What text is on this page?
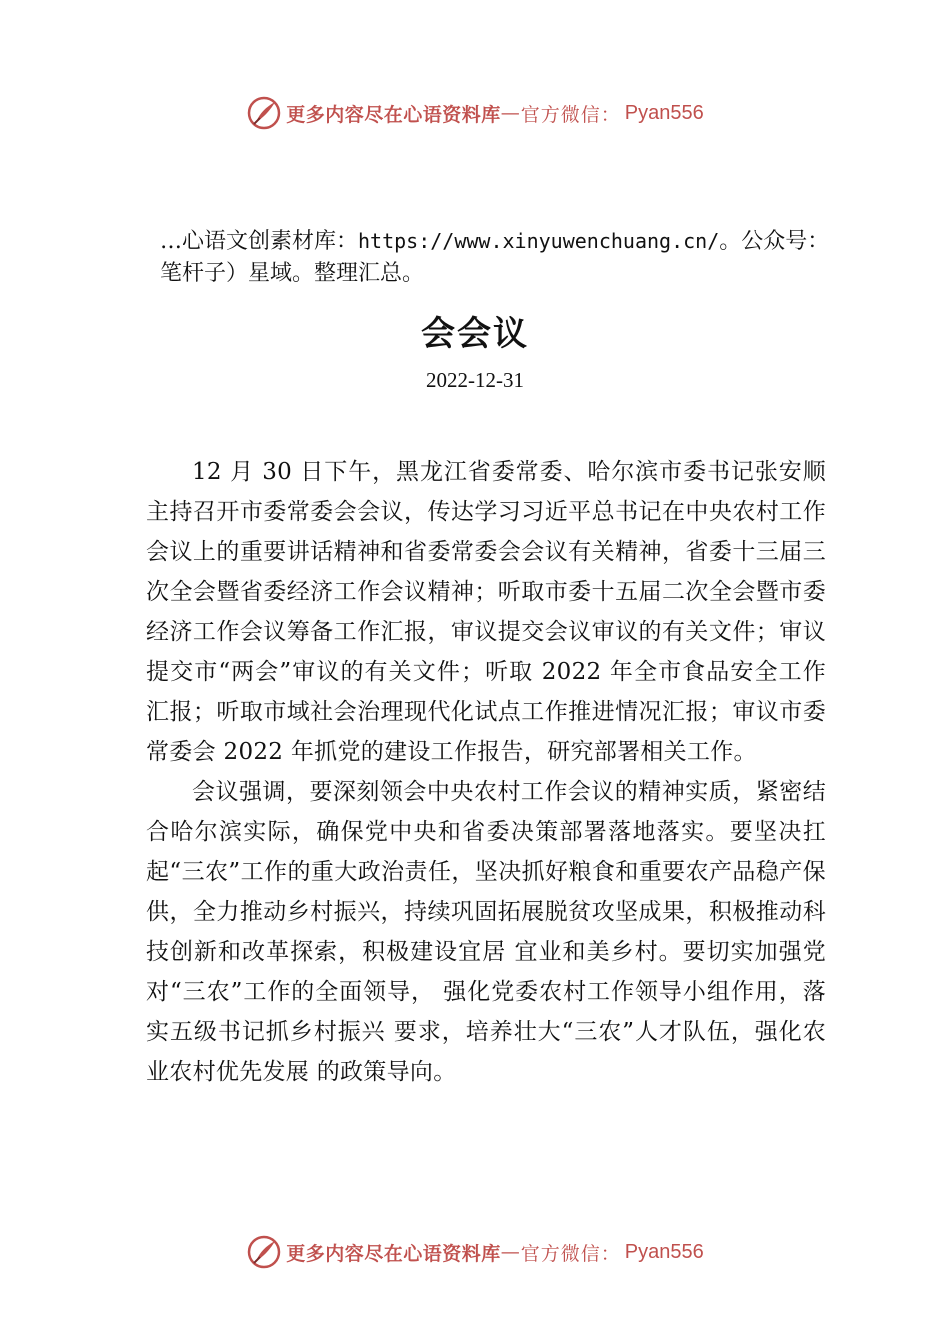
更多内容尽在心语资料库 — 官方微信： Pyan556
…心语文创素材库：https://www.xinyuwenchuang.cn/。公众号：笔杆子）星域。整理汇总。
会会议
2022-12-31

12 月 30 日下午，黑龙江省委常委、哈尔滨市委书记张安顺主持召开市委常委会会议，传达学习习近平总书记在中央农村工作会议上的重要讲话精神和省委常委会会议有关精神，省委十三届三次全会暨省委经济工作会议精神；听取市委十五届二次全会暨市委经济工作会议筹备工作汇报，审议提交会议审议的有关文件；审议提交市“两会”审议的有关文件；听取 2022 年全市食品安全工作汇报；听取市域社会治理现代化试点工作推进情况汇报；审议市委常委会 2022 年抓党的建设工作报告，研究部署相关工作。

会议强调，要深刻领会中央农村工作会议的精神实质，紧密结合哈尔滨实际，确保党中央和省委决策部署落地落实。要坚决扛起“三农”工作的重大政治责任，坚决抓好粮食和重要农产品稳产保供，全力推动乡村振兴，持续巩固拓展脱贫攻坚成果，积极推动科技创新和改革探索，积极建设宜居 宜业和美乡村。要切实加强党对“三农”工作的全面领导， 强化党委农村工作领导小组作用，落实五级书记抓乡村振兴 要求，培养壮大“三农”人才队伍，强化农业农村优先发展 的政策导向。

更多内容尽在心语资料库 — 官方微信： Pyan556
